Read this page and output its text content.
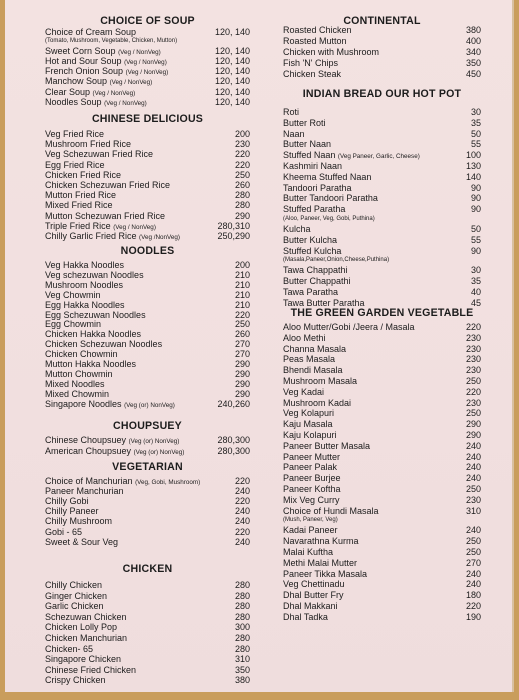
CHOICE OF SOUP
Choice of Cream Soup
(Tomato, Mushroom, Vegetable, Chicken, Mutton)
120, 140
Sweet Corn Soup (Veg / NonVeg)	120, 140
Hot and Sour Soup (Veg / NonVeg)	120, 140
French Onion Soup (Veg / NonVeg)	120, 140
Manchow Soup (Veg / NonVeg)	120, 140
Clear Soup (Veg / NonVeg)	120, 140
Noodles Soup (Veg / NonVeg)	120, 140
CHINESE DELICIOUS
Veg Fried Rice	200
Mushroom Fried Rice	230
Veg Schezuwan Fried Rice	220
Egg Fried Rice	220
Chicken Fried Rice	250
Chicken Schezuwan Fried Rice	260
Mutton Fried Rice	280
Mixed Fried Rice	280
Mutton Schezuwan Fried Rice	290
Triple Fried Rice (Veg / NonVeg)	280,310
Chilly Garlic Fried Rice (Veg /NonVeg)	250,290
NOODLES
Veg Hakka Noodles	200
Veg schezuwan Noodles	210
Mushroom Noodles	210
Veg Chowmin	210
Egg Hakka Noodles	210
Egg Schezuwan Noodles	220
Egg Chowmin	250
Chicken Hakka Noodles	260
Chicken Schezuwan Noodles	270
Chicken Chowmin	270
Mutton Hakka Noodles	290
Mutton Chowmin	290
Mixed Noodles	290
Mixed Chowmin	290
Singapore Noodles (Veg (or) NonVeg)	240,260
CHOUPSUEY
Chinese Choupsuey (Veg (or) NonVeg)	280,300
American Choupsuey (Veg (or) NonVeg)	280,300
VEGETARIAN
Choice of Manchurian (Veg, Gobi, Mushroom)	220
Paneer Manchurian	240
Chilly Gobi	220
Chilly Paneer	240
Chilly Mushroom	240
Gobi - 65	220
Sweet & Sour Veg	240
CHICKEN
Chilly Chicken	280
Ginger Chicken	280
Garlic Chicken	280
Schezuwan Chicken	280
Chicken Lolly Pop	300
Chicken Manchurian	280
Chicken- 65	280
Singapore Chicken	310
Chinese Fried Chicken	350
Crispy Chicken	380
CONTINENTAL
Roasted Chicken	380
Roasted Mutton	400
Chicken with Mushroom	340
Fish 'N' Chips	350
Chicken Steak	450
INDIAN BREAD OUR HOT POT
Roti	30
Butter Roti	35
Naan	50
Butter Naan	55
Stuffed Naan (Veg Paneer, Garlic, Cheese)	100
Kashmiri Naan	130
Kheema Stuffed Naan	140
Tandoori Paratha	90
Butter Tandoori Paratha	90
Stuffed Paratha
(Aloo, Paneer, Veg, Gobi, Puthina)
90
Kulcha	50
Butter Kulcha	55
Stuffed Kulcha
(Masala,Paneer,Onion,Cheese,Puthina)
90
Tawa Chappathi	30
Butter Chappathi	35
Tawa Paratha	40
Tawa Butter Paratha	45
THE GREEN GARDEN VEGETABLE
Aloo Mutter/Gobi /Jeera / Masala	220
Aloo Methi	230
Channa Masala	230
Peas Masala	230
Bhendi Masala	230
Mushroom Masala	250
Veg Kadai	220
Mushroom Kadai	230
Veg Kolapuri	250
Kaju Masala	290
Kaju Kolapuri	290
Paneer Butter Masala	240
Paneer Mutter	240
Paneer Palak	240
Paneer Burjee	240
Paneer Koftha	250
Mix Veg Curry	230
Choice of Hundi Masala
(Mush, Paneer, Veg)
310
Kadai Paneer	240
Navarathna Kurma	250
Malai Kuftha	250
Methi Malai Mutter	270
Paneer Tikka Masala	240
Veg Chettinadu	240
Dhal Butter Fry	180
Dhal Makkani	220
Dhal Tadka	190
